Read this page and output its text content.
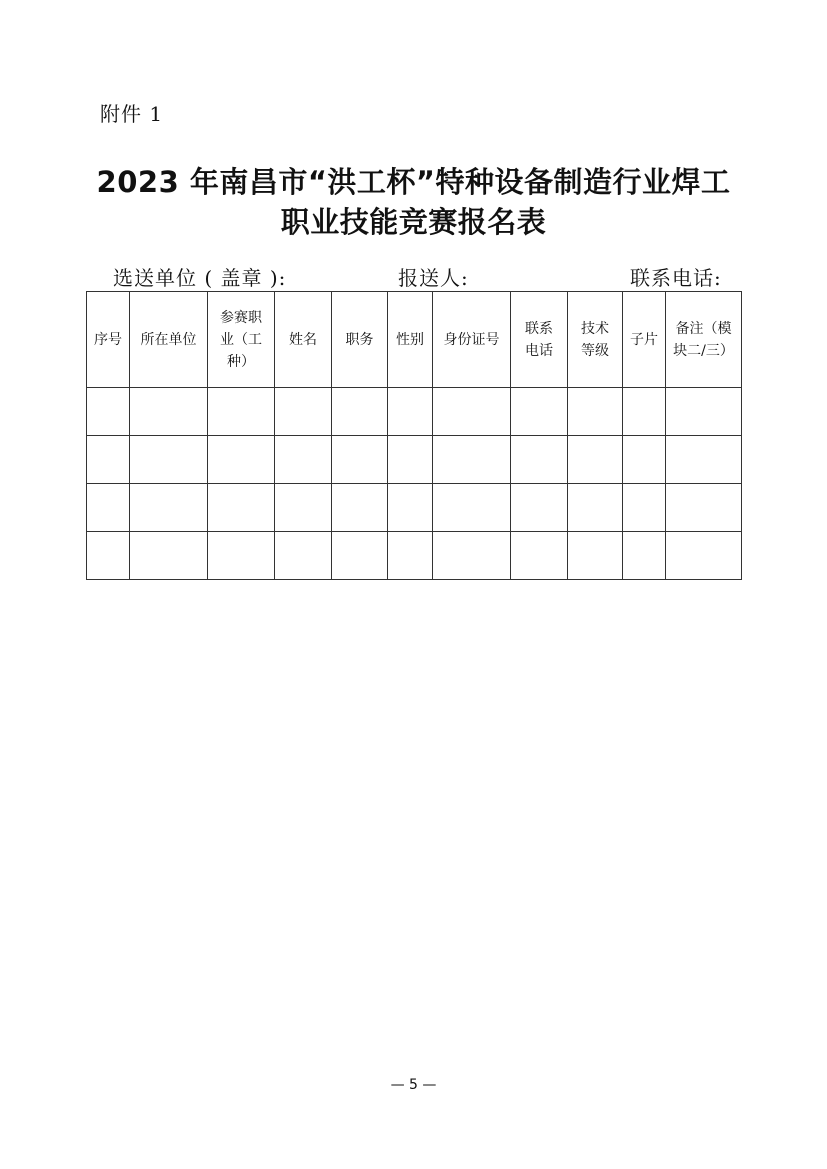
附件 1
2023 年南昌市“洪工杯”特种设备制造行业焊工
职业技能竞赛报名表
选送单位 ( 盖章 ):	报送人:	联系电话:
序号	所在单位	参赛职业（工种）	姓名	职务	性别	身份证号	联系电话	技术等级	子片	备注（模块二/三）

— 5 —
